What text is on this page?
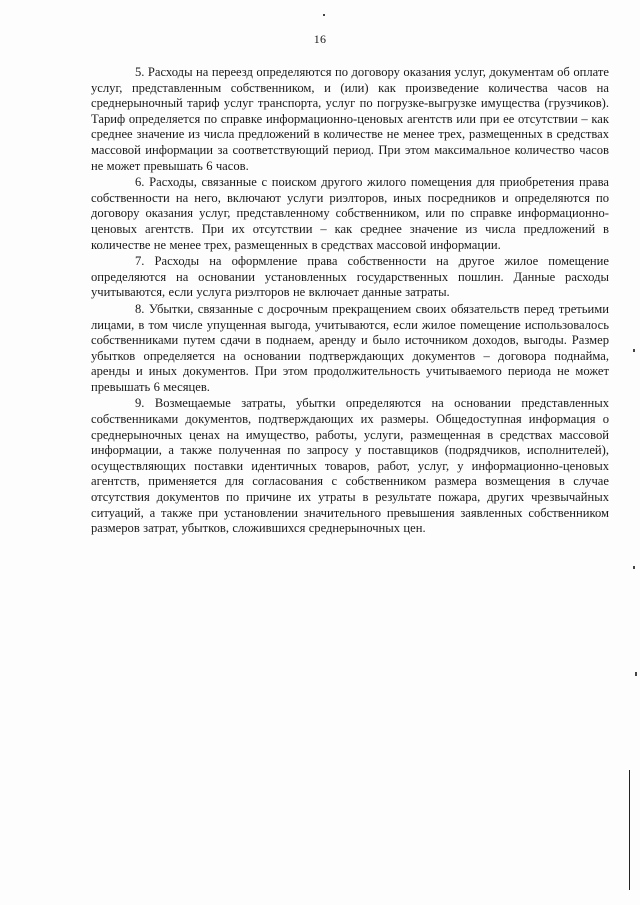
16

5. Расходы на переезд определяются по договору оказания услуг, документам об оплате услуг, представленным собственником, и (или) как произведение количества часов на среднерыночный тариф услуг транспорта, услуг по погрузке-выгрузке имущества (грузчиков). Тариф определяется по справке информационно-ценовых агентств или при ее отсутствии – как среднее значение из числа предложений в количестве не менее трех, размещенных в средствах массовой информации за соответствующий период. При этом максимальное количество часов не может превышать 6 часов.

6. Расходы, связанные с поиском другого жилого помещения для приобретения права собственности на него, включают услуги риэлторов, иных посредников и определяются по договору оказания услуг, представленному собственником, или по справке информационно-ценовых агентств. При их отсутствии – как среднее значение из числа предложений в количестве не менее трех, размещенных в средствах массовой информации.

7. Расходы на оформление права собственности на другое жилое помещение определяются на основании установленных государственных пошлин. Данные расходы учитываются, если услуга риэлторов не включает данные затраты.

8. Убытки, связанные с досрочным прекращением своих обязательств перед третьими лицами, в том числе упущенная выгода, учитываются, если жилое помещение использовалось собственниками путем сдачи в поднаем, аренду и было источником доходов, выгоды. Размер убытков определяется на основании подтверждающих документов – договора поднайма, аренды и иных документов. При этом продолжительность учитываемого периода не может превышать 6 месяцев.

9. Возмещаемые затраты, убытки определяются на основании представленных собственниками документов, подтверждающих их размеры. Общедоступная информация о среднерыночных ценах на имущество, работы, услуги, размещенная в средствах массовой информации, а также полученная по запросу у поставщиков (подрядчиков, исполнителей), осуществляющих поставки идентичных товаров, работ, услуг, у информационно-ценовых агентств, применяется для согласования с собственником размера возмещения в случае отсутствия документов по причине их утраты в результате пожара, других чрезвычайных ситуаций, а также при установлении значительного превышения заявленных собственником размеров затрат, убытков, сложившихся среднерыночных цен.
